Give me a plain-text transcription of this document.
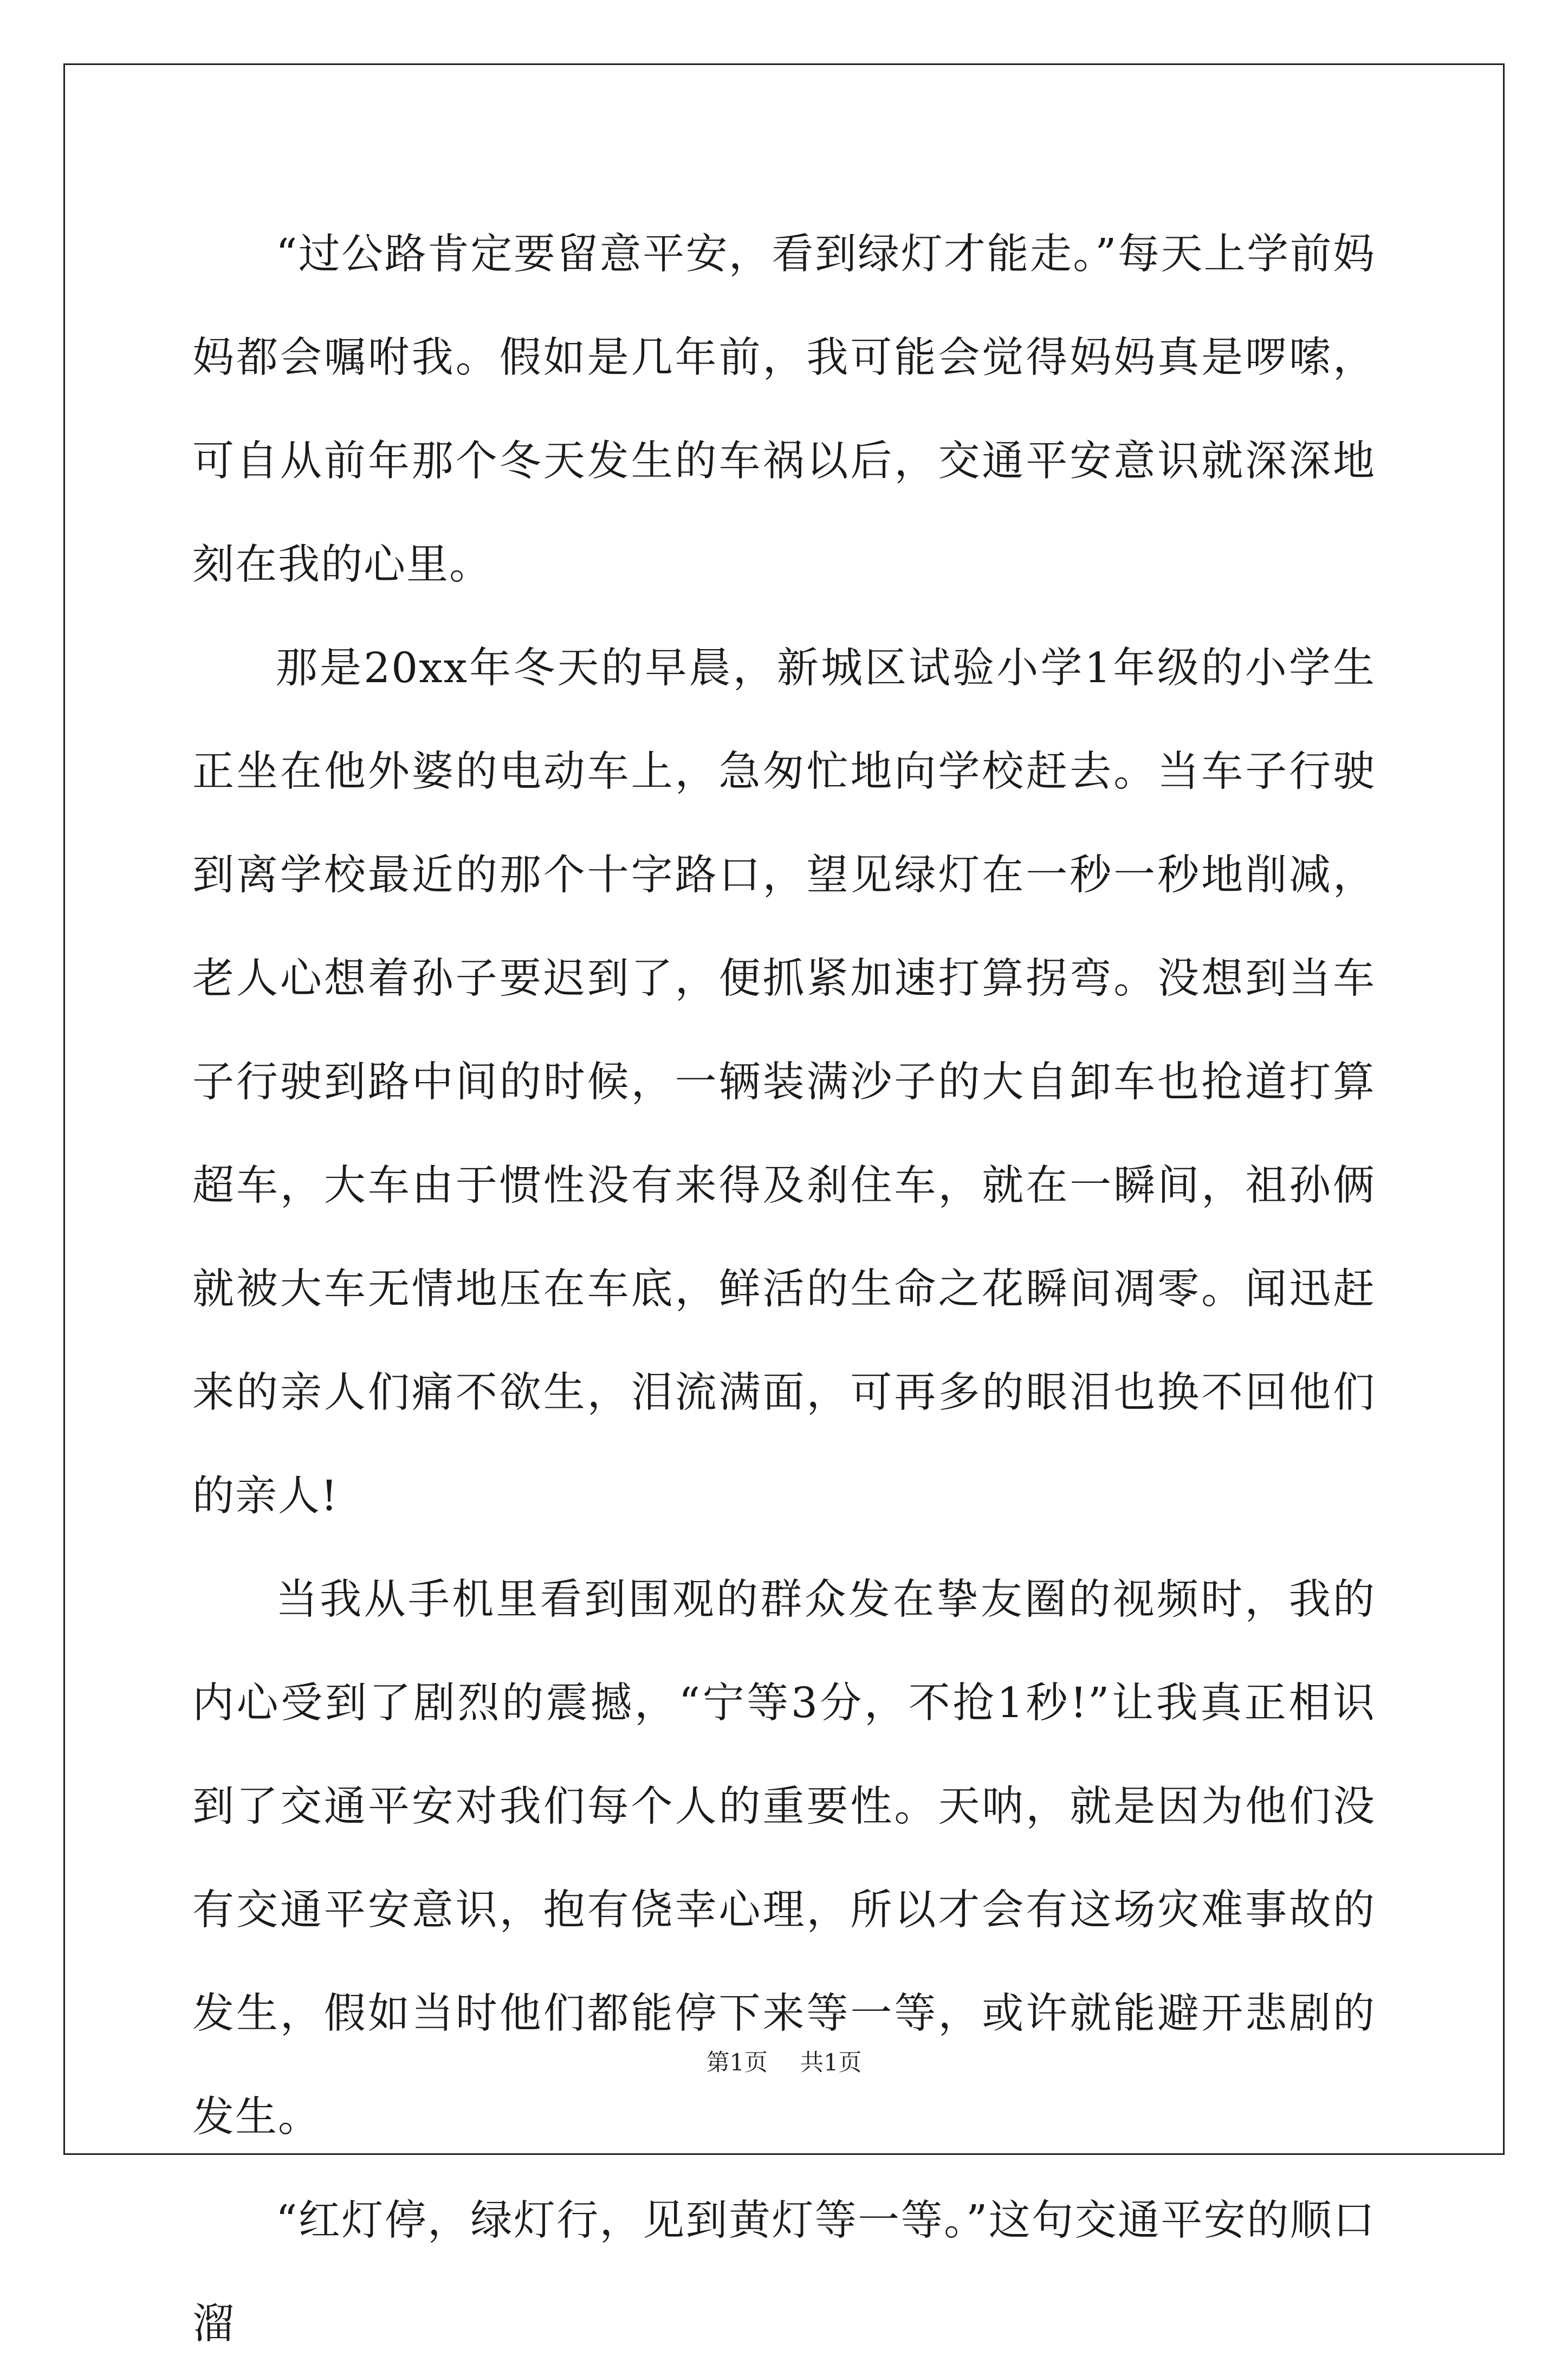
“过公路肯定要留意平安，看到绿灯才能走。”每天上学前妈妈都会嘱咐我。假如是几年前，我可能会觉得妈妈真是啰嗦，可自从前年那个冬天发生的车祸以后，交通平安意识就深深地刻在我的心里。

那是20xx年冬天的早晨，新城区试验小学1年级的小学生正坐在他外婆的电动车上，急匆忙地向学校赶去。当车子行驶到离学校最近的那个十字路口，望见绿灯在一秒一秒地削减，老人心想着孙子要迟到了，便抓紧加速打算拐弯。没想到当车子行驶到路中间的时候，一辆装满沙子的大自卸车也抢道打算超车，大车由于惯性没有来得及刹住车，就在一瞬间，祖孙俩就被大车无情地压在车底，鲜活的生命之花瞬间凋零。闻迅赶来的亲人们痛不欲生，泪流满面，可再多的眼泪也换不回他们的亲人!

当我从手机里看到围观的群众发在挚友圈的视频时，我的内心受到了剧烈的震撼，“宁等3分，不抢1秒!”让我真正相识到了交通平安对我们每个人的重要性。天呐，就是因为他们没有交通平安意识，抱有侥幸心理，所以才会有这场灾难事故的发生，假如当时他们都能停下来等一等，或许就能避开悲剧的发生。

“红灯停，绿灯行，见到黄灯等一等。”这句交通平安的顺口溜

第1页 共1页
